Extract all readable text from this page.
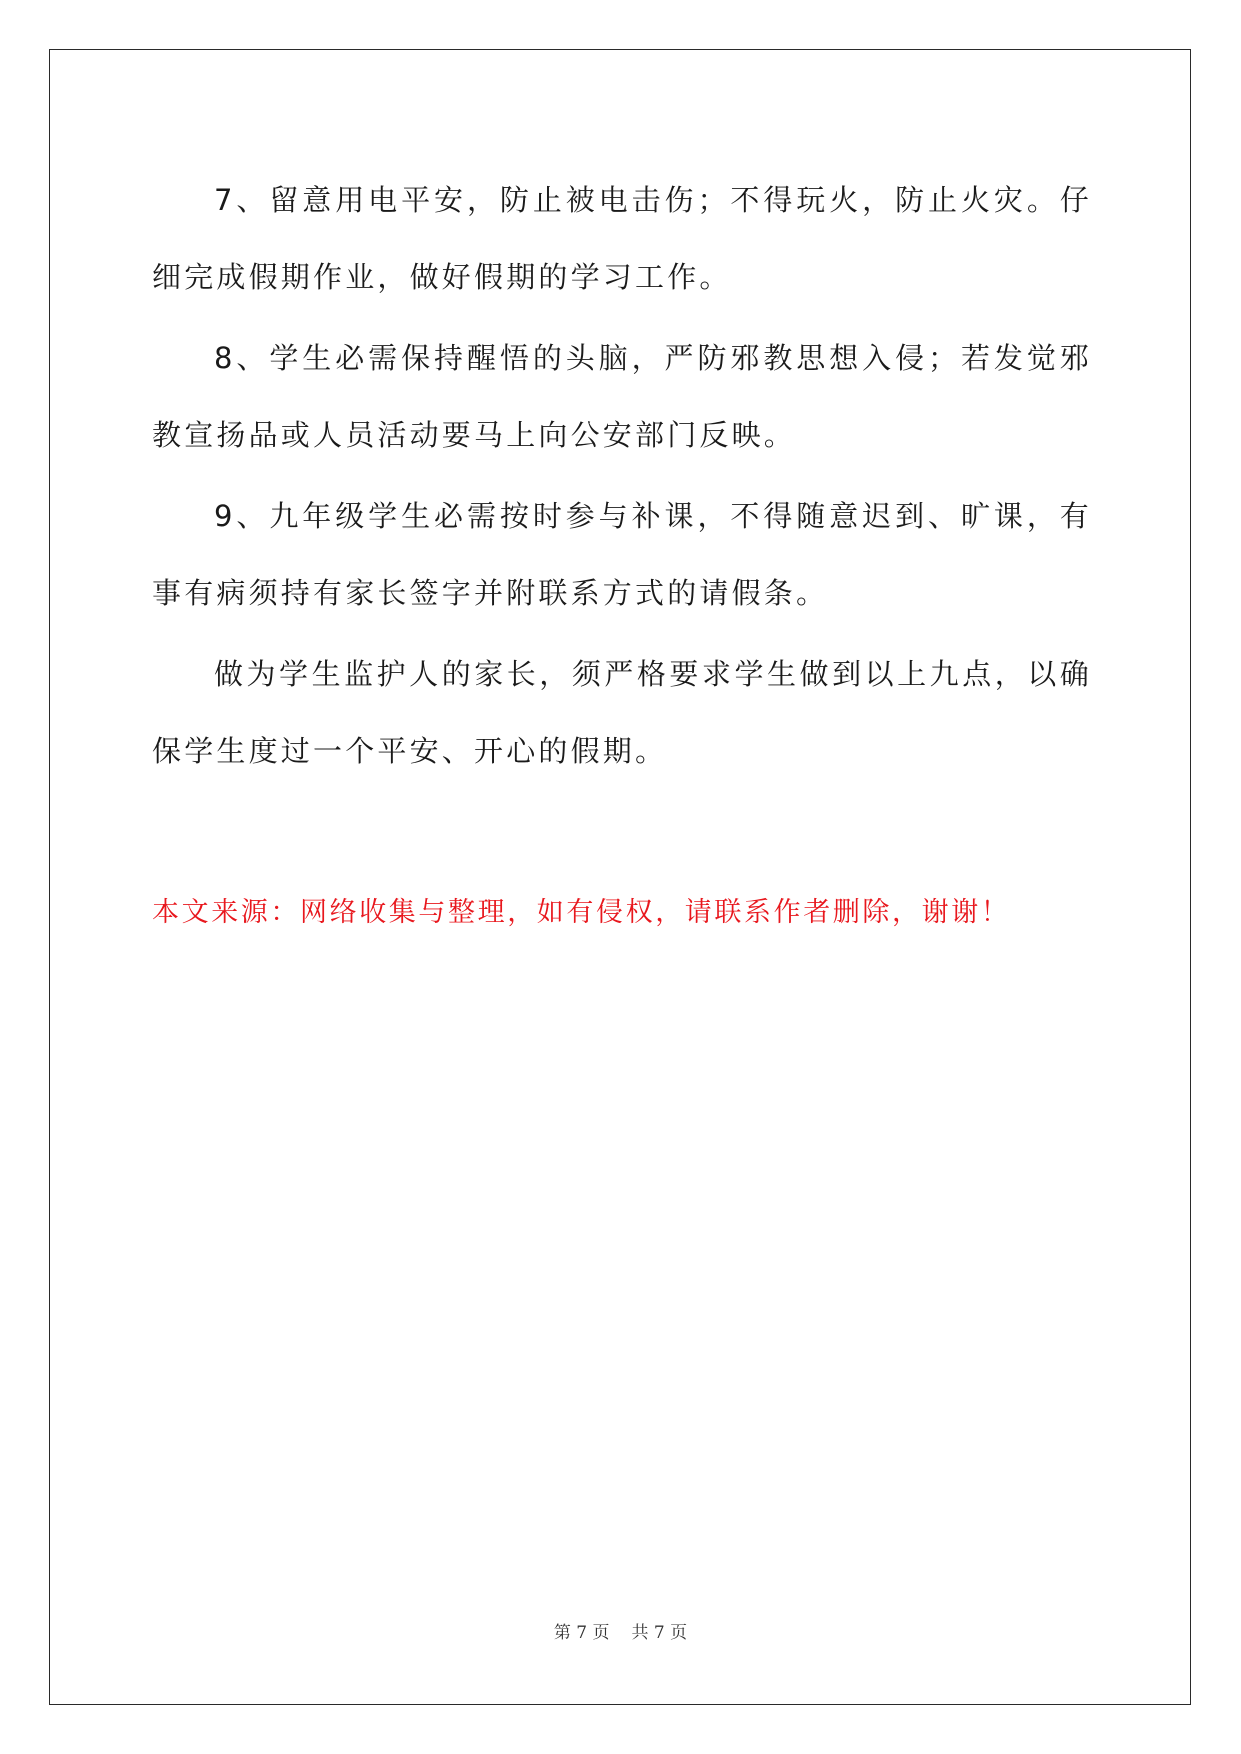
7、留意用电平安，防止被电击伤；不得玩火，防止火灾。仔细完成假期作业，做好假期的学习工作。

8、学生必需保持醒悟的头脑，严防邪教思想入侵；若发觉邪教宣扬品或人员活动要马上向公安部门反映。

9、九年级学生必需按时参与补课，不得随意迟到、旷课，有事有病须持有家长签字并附联系方式的请假条。

做为学生监护人的家长，须严格要求学生做到以上九点，以确保学生度过一个平安、开心的假期。

本文来源：网络收集与整理，如有侵权，请联系作者删除，谢谢！
第 7 页 共 7 页
